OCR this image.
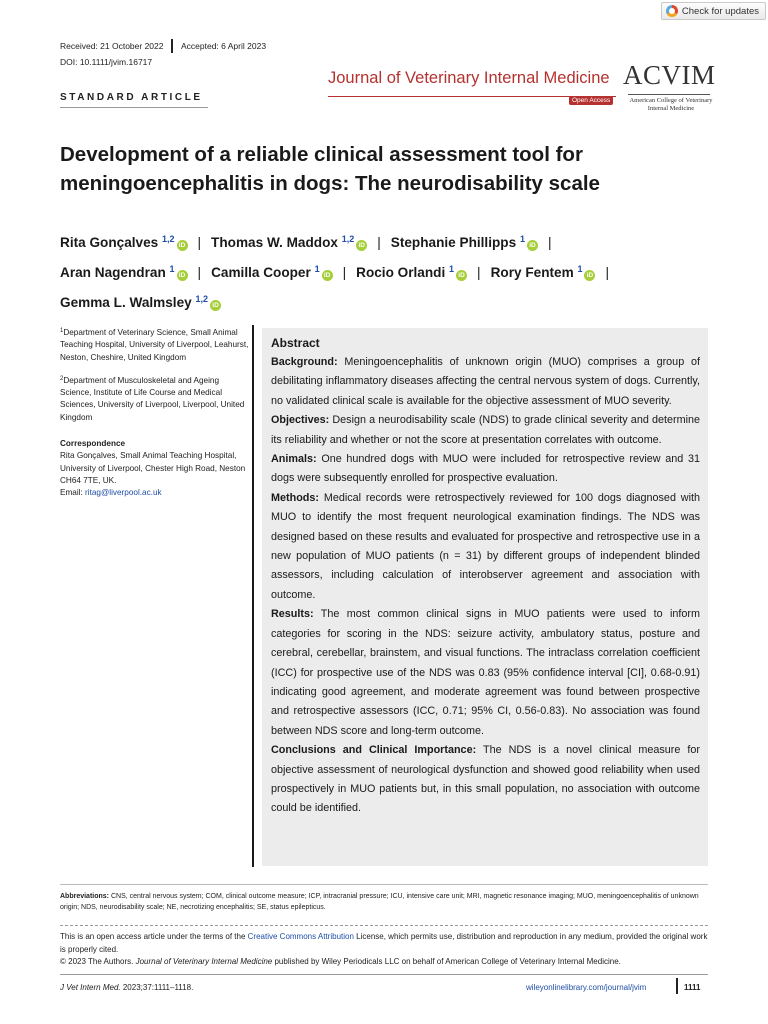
Check for updates
Received: 21 October 2022 Accepted: 6 April 2023
DOI: 10.1111/jvim.16717
STANDARD ARTICLE
Journal of Veterinary Internal Medicine
Open Access
ACVIM
American College of Veterinary Internal Medicine
Development of a reliable clinical assessment tool for meningoencephalitis in dogs: The neurodisability scale
Rita Gonçalves $^{1,2}$iD | Thomas W. Maddox $^{1,2}$iD | Stephanie Phillipps $^1$iD |
Aran Nagendran $^1$iD | Camilla Cooper $^1$iD | Rocio Orlandi $^1$iD | Rory Fentem $^1$iD |
Gemma L. Walmsley $^{1,2}$iD

$^1$Department of Veterinary Science, Small Animal Teaching Hospital, University of Liverpool, Leahurst, Neston, Cheshire, United Kingdom

$^2$Department of Musculoskeletal and Ageing Science, Institute of Life Course and Medical Sciences, University of Liverpool, Liverpool, United Kingdom

Correspondence
Rita Gonçalves, Small Animal Teaching Hospital, University of Liverpool, Chester High Road, Neston CH64 7TE, UK.
Email: ritag@liverpool.ac.uk

Abstract

Background: Meningoencephalitis of unknown origin (MUO) comprises a group of debilitating inflammatory diseases affecting the central nervous system of dogs. Currently, no validated clinical scale is available for the objective assessment of MUO severity.

Objectives: Design a neurodisability scale (NDS) to grade clinical severity and determine its reliability and whether or not the score at presentation correlates with outcome.

Animals: One hundred dogs with MUO were included for retrospective review and 31 dogs were subsequently enrolled for prospective evaluation.

Methods: Medical records were retrospectively reviewed for 100 dogs diagnosed with MUO to identify the most frequent neurological examination findings. The NDS was designed based on these results and evaluated for prospective and retrospective use in a new population of MUO patients (n = 31) by different groups of independent blinded assessors, including calculation of interobserver agreement and association with outcome.

Results: The most common clinical signs in MUO patients were used to inform categories for scoring in the NDS: seizure activity, ambulatory status, posture and cerebral, cerebellar, brainstem, and visual functions. The intraclass correlation coefficient (ICC) for prospective use of the NDS was 0.83 (95% confidence interval [CI], 0.68-0.91) indicating good agreement, and moderate agreement was found between prospective and retrospective assessors (ICC, 0.71; 95% CI, 0.56-0.83). No association was found between NDS score and long-term outcome.

Conclusions and Clinical Importance: The NDS is a novel clinical measure for objective assessment of neurological dysfunction and showed good reliability when used prospectively in MUO patients but, in this small population, no association with outcome could be identified.

Abbreviations: CNS, central nervous system; COM, clinical outcome measure; ICP, intracranial pressure; ICU, intensive care unit; MRI, magnetic resonance imaging; MUO, meningoencephalitis of unknown origin; NDS, neurodisability scale; NE, necrotizing encephalitis; SE, status epilepticus.
This is an open access article under the terms of the Creative Commons Attribution License, which permits use, distribution and reproduction in any medium, provided the original work is properly cited.
© 2023 The Authors. Journal of Veterinary Internal Medicine published by Wiley Periodicals LLC on behalf of American College of Veterinary Internal Medicine.
J Vet Intern Med. 2023;37:1111–1118.	wileyonlinelibrary.com/journal/jvim	1111
